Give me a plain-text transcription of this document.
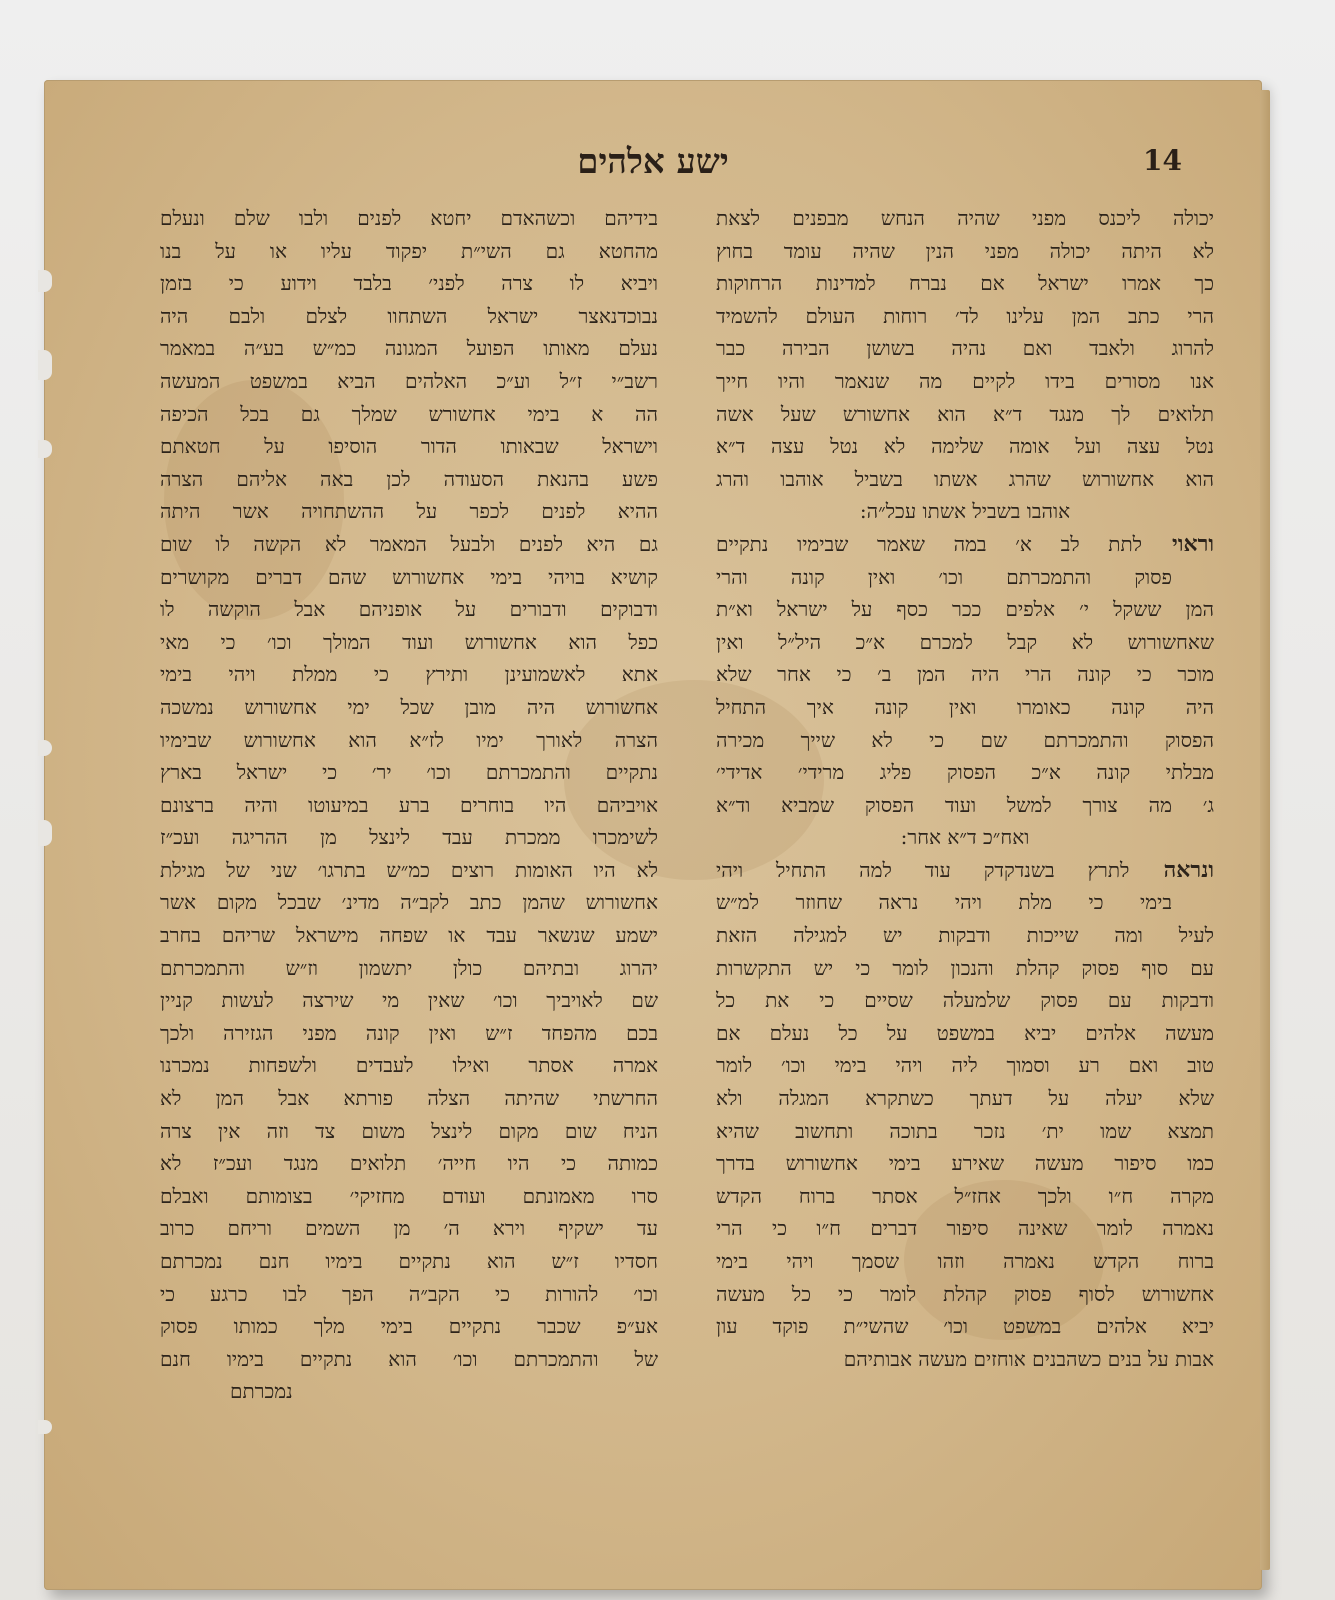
ישע אלהים	14
יכולה ליכנס מפני שהיה הנחש מבפנים לצאת
לא היתה יכולה מפני הנין שהיה עומד בחוץ
כך אמרו ישראל אם נברח למדינות הרחוקות
הרי כתב המן עלינו לד׳ רוחות העולם להשמיד
להרוג ולאבד ואם נהיה בשושן הבירה כבר
אנו מסורים בידו לקיים מה שנאמר והיו חייך
תלואים לך מנגד ד״א הוא אחשורש שעל אשה
נטל עצה ועל אומה שלימה לא נטל עצה ד״א
הוא אחשורוש שהרג אשתו בשביל אוהבו והרג
אוהבו בשביל אשתו עכל״ה:
וראוי לתת לב א׳ במה שאמר שבימיו נתקיים
פסוק והתמכרתם וכו׳ ואין קונה והרי
המן ששקל י׳ אלפים ככר כסף על ישראל וא״ת
שאחשורוש לא קבל למכרם א״כ היל״ל ואין
מוכר כי קונה הרי היה המן ב׳ כי אחר שלא
היה קונה כאומרו ואין קונה איך התחיל
הפסוק והתמכרתם שם כי לא שייך מכירה
מבלתי קונה א״כ הפסוק פליג מרידי׳ אדידי׳
ג׳ מה צורך למשל ועוד הפסוק שמביא וד״א
ואח״כ ד״א אחר:
ונראה לתרץ בשנדקדק עוד למה התחיל ויהי
בימי כי מלת ויהי נראה שחוזר למ״ש
לעיל ומה שייכות ודבקות יש למגילה הזאת
עם סוף פסוק קהלת והנכון לומר כי יש התקשרות
ודבקות עם פסוק שלמעלה שסיים כי את כל
מעשה אלהים יביא במשפט על כל נעלם אם
טוב ואם רע וסמוך ליה ויהי בימי וכו׳ לומר
שלא יעלה על דעתך כשתקרא המגלה ולא
תמצא שמו ית׳ נזכר בתוכה ותחשוב שהיא
כמו סיפור מעשה שאירע בימי אחשורוש בדרך
מקרה ח״ו ולכך אחז״ל אסתר ברוח הקדש
נאמרה לומר שאינה סיפור דברים ח״ו כי הרי
ברוח הקדש נאמרה וזהו שסמך ויהי בימי
אחשורוש לסוף פסוק קהלת לומר כי כל מעשה
יביא אלהים במשפט וכו׳ שהשי״ת פוקד עון
אבות על בנים כשהבנים אוחזים מעשה אבותיהם
בידיהם וכשהאדם יחטא לפנים ולבו שלם ונעלם
מהחטא גם השי״ת יפקוד עליו או על בנו
ויביא לו צרה לפני׳ בלבד וידוע כי בזמן
נבוכדנאצר ישראל השתחוו לצלם ולבם היה
נעלם מאותו הפועל המגונה כמ״ש בע״ה במאמר
רשב״י ז״ל וע״כ האלהים הביא במשפט המעשה
הה א בימי אחשורש שמלך גם בכל הכיפה
וישראל שבאותו הדור הוסיפו על חטאתם
פשע בהנאת הסעודה לכן באה אליהם הצרה
ההיא לפנים לכפר על ההשתחויה אשר היתה
גם היא לפנים ולבעל המאמר לא הקשה לו שום
קושיא בויהי בימי אחשורוש שהם דברים מקושרים
ודבוקים ודבורים על אופניהם אבל הוקשה לו
כפל הוא אחשורוש ועוד המולך וכו׳ כי מאי
אתא לאשמועינן ותירץ כי ממלת ויהי בימי
אחשורוש היה מובן שכל ימי אחשורוש נמשכה
הצרה לאורך ימיו לז״א הוא אחשורוש שבימיו
נתקיים והתמכרתם וכו׳ יר׳ כי ישראל בארץ
אויביהם היו בוחרים ברע במיעוטו והיה ברצונם
לשימכרו ממכרת עבד לינצל מן ההריגה ועכ״ז
לא היו האומות רוצים כמ״ש בתרגו׳ שני של מגילת
אחשורוש שהמן כתב לקב״ה מדינ׳ שבכל מקום אשר
ישמע שנשאר עבד או שפחה מישראל שריהם בחרב
יהרוג ובתיהם כולן יתשמון וז״ש והתמכרתם
שם לאויביך וכו׳ שאין מי שירצה לעשות קניין
בכם מהפחד ז״ש ואין קונה מפני הגזירה ולכך
אמרה אסתר ואילו לעבדים ולשפחות נמכרנו
החרשתי שהיתה הצלה פורתא אבל המן לא
הניח שום מקום לינצל משום צד וזה אין צרה
כמותה כי היו חייה׳ תלואים מנגד ועכ״ז לא
סרו מאמונתם ועודם מחזיקי׳ בצומותם ואבלם
עד ישקיף וירא ה׳ מן השמים וריחם כרוב
חסדיו ז״ש הוא נתקיים בימיו חנם נמכרתם
וכו׳ להורות כי הקב״ה הפך לבו כרגע כי
אע״פ שכבר נתקיים בימי מלך כמותו פסוק
של והתמכרתם וכו׳ הוא נתקיים בימיו חנם
נמכרתם
